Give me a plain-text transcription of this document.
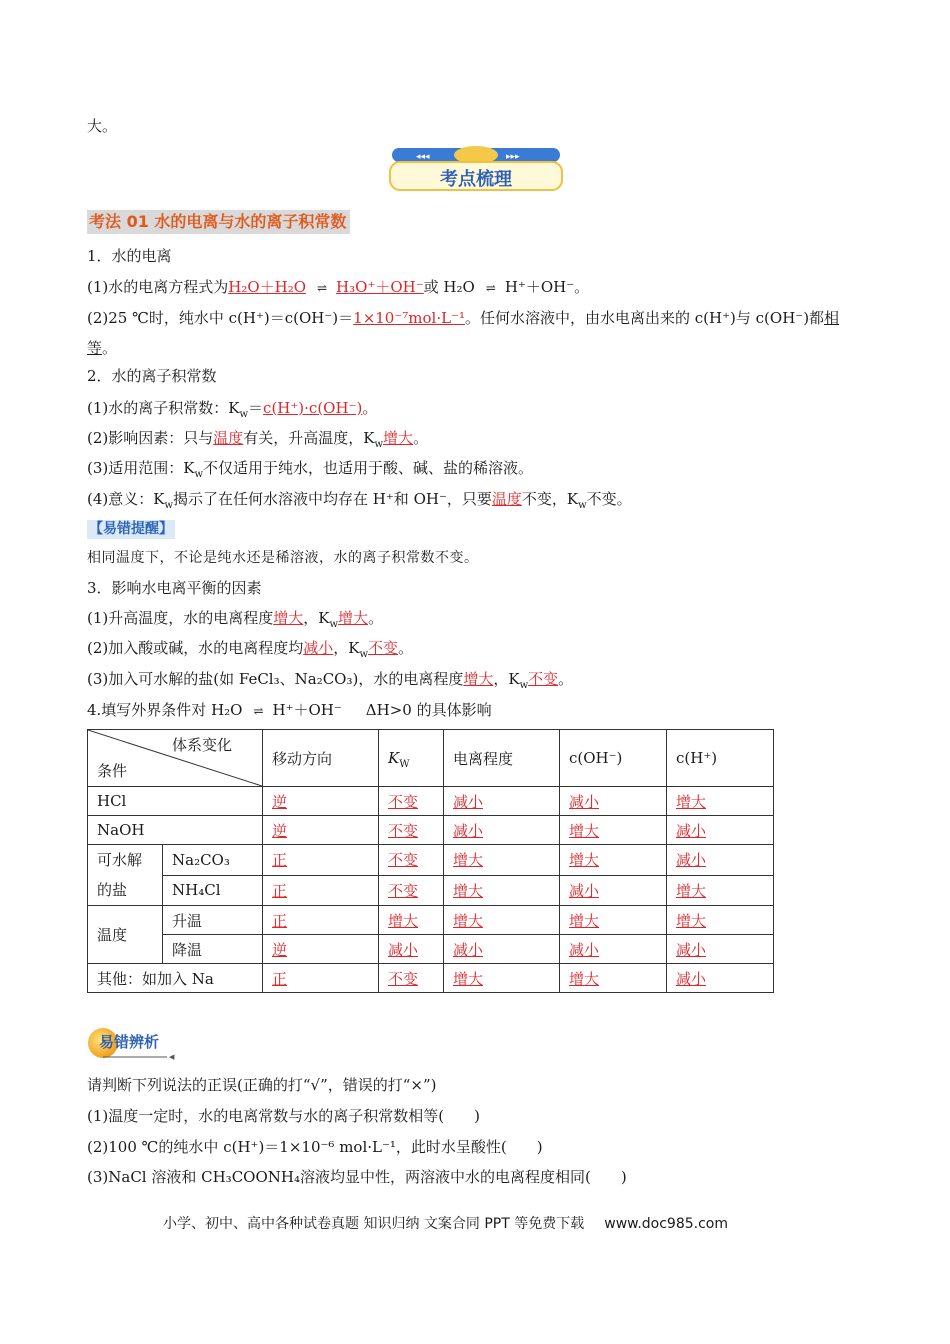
大。
◂◂◂	▸▸▸
考点梳理
考法 01 水的电离与水的离子积常数
1．水的电离
(1)水的电离方程式为H₂O＋H₂O ⇌ H₃O⁺＋OH⁻或 H₂O ⇌ H⁺＋OH⁻。
(2)25 ℃时，纯水中 c(H⁺)＝c(OH⁻)＝1×10⁻⁷mol·L⁻¹。任何水溶液中，由水电离出来的 c(H⁺)与 c(OH⁻)都相
等。
2．水的离子积常数
(1)水的离子积常数：$K_w=c(H^+)\cdot c(OH^-)$。
(2)影响因素：只与温度有关，升高温度，$K_w$增大。
(3)适用范围：$K_w$不仅适用于纯水，也适用于酸、碱、盐的稀溶液。
(4)意义：$K_w$揭示了在任何水溶液中均存在 H⁺和 OH⁻，只要温度不变，$K_w$不变。
【易错提醒】
相同温度下，不论是纯水还是稀溶液，水的离子积常数不变。
3．影响水电离平衡的因素
(1)升高温度，水的电离程度增大，$K_w$增大。
(2)加入酸或碱，水的电离程度均减小，$K_w$不变。
(3)加入可水解的盐(如 FeCl₃、Na₂CO₃)，水的电离程度增大，$K_w$不变。
4.填写外界条件对 H₂O ⇌ H⁺＋OH⁻ ΔH>0 的具体影响
体系变化
条件		移动方向	$K_W$	电离程度	c(OH⁻)	c(H⁺)
HCl		逆	不变	减小	减小	增大
NaOH		逆	不变	减小	增大	减小
可水解
的盐	Na₂CO₃	正	不变	增大	增大	减小
	NH₄Cl	正	不变	增大	减小	增大
温度	升温	正	增大	增大	增大	增大
	降温	逆	减小	减小	减小	减小
其他：如加入 Na		正	不变	增大	增大	减小
◀
易错辨析
请判断下列说法的正误(正确的打“√”，错误的打“×”)
(1)温度一定时，水的电离常数与水的离子积常数相等(　　)
(2)100 ℃的纯水中 c(H⁺)＝1×10⁻⁶ mol·L⁻¹，此时水呈酸性(　　)
(3)NaCl 溶液和 CH₃COONH₄溶液均显中性，两溶液中水的电离程度相同(　　)
小学、初中、高中各种试卷真题 知识归纳 文案合同 PPT 等免费下载 www.doc985.com
